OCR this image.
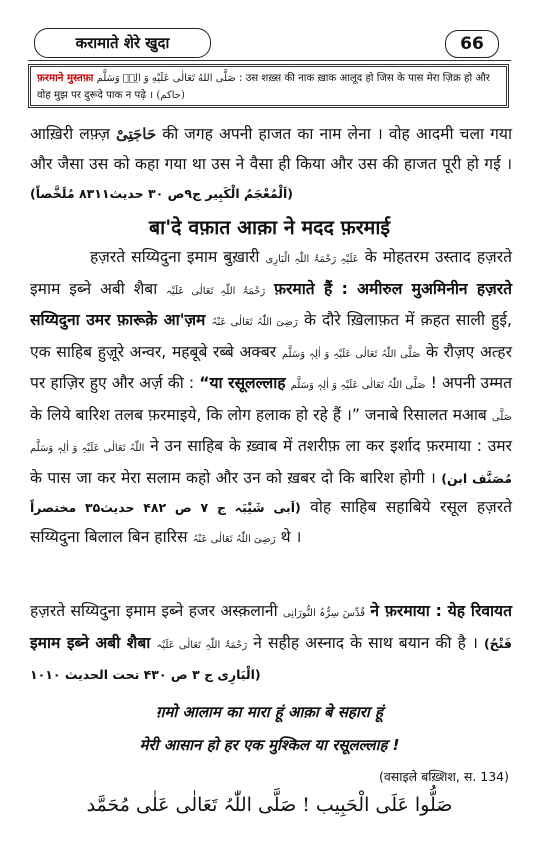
करामाते शेरे खुदा	66
फ़रमाने मुस्तफ़ा صَلَّى اللهُ تَعَالٰى عَلَيْهِ وَ الِهٖ وَسَلَّم : उस शख़्स की नाक ख़ाक आलूद हो जिस के पास मेरा ज़िक्र हो और वोह मुझ पर दुरूदे पाक न पढ़े । (حاکم)
आख़िरी लफ़्ज़ حَاجَتِیْ की जगह अपनी हाजत का नाम लेना । वोह आदमी चला गया और जैसा उस को कहा गया था उस ने वैसा ही किया और उस की हाजत पूरी हो गई । (اَلْمُعْجَمُ الْکَبِیر ج۹ص ۳۰ حدیث۸۳۱۱ مُلَخَّصاً)
बा'दे वफ़ात आक़ा ने मदद फ़रमाई
हज़रते सय्यिदुना इमाम बुख़ारी عَلَیْہِ رَحْمَۃُ اللّٰہِ الْبَارِی के मोहतरम उस्ताद हज़रते इमाम इब्ने अबी शैबा رَحْمَۃُ اللّٰہِ تَعَالٰی عَلَیْہ फ़रमाते हैं : अमीरुल मुअमिनीन हज़रते सय्यिदुना उमर फ़ारूक़े आ'ज़म رَضِیَ اللّٰہُ تَعَالٰی عَنْہُ के दौरे ख़िलाफ़त में क़हत साली हुई, एक साहिब हुज़ूरे अन्वर, महबूबे रब्बे अक्बर صَلَّی اللّٰہُ تَعَالٰی عَلَیْہِ وَ اٰلِہٖ وَسَلَّم के रौज़ए अत्हर पर हाज़िर हुए और अर्ज़ की : “या रसूलल्लाह صَلَّی اللّٰہُ تَعَالٰی عَلَیْہِ وَ اٰلِہٖ وَسَلَّم ! अपनी उम्मत के लिये बारिश तलब फ़रमाइये, कि लोग हलाक हो रहे हैं ।” जनाबे रिसालत मआब صَلَّی اللّٰہُ تَعَالٰی عَلَیْہِ وَ اٰلِہٖ وَسَلَّم ने उन साहिब के ख़्वाब में तशरीफ़ ला कर इर्शाद फ़रमाया : उमर के पास जा कर मेरा सलाम कहो और उन को ख़बर दो कि बारिश होगी । (مُصَنَّف ابن اَبی شَیْبَہ ج ۷ ص ۴۸۲ حدیث۳۵ مختصراً) वोह साहिब सहाबिये रसूल हज़रते सय्यिदुना बिलाल बिन हारिस رَضِیَ اللّٰہُ تَعَالٰی عَنْہُ थे ।
हज़रते सय्यिदुना इमाम इब्ने हजर अस्क़लानी قُدِّسَ سِرُّہُ النُّورَانِی ने फ़रमाया : येह रिवायत इमाम इब्ने अबी शैबा رَحْمَۃُ اللّٰہِ تَعَالٰی عَلَیْہ ने सहीह अस्नाद के साथ बयान की है । (فَتْحُ الْبَارِی ج ۳ ص ۴۳۰ تحت الحدیث ۱۰۱۰)
ग़मो आलाम का मारा हूं आक़ा बे सहारा हूं
मेरी आसान हो हर एक मुश्किल या रसूलल्लाह !
(वसाइले बख़्शिश, स. 134)
صَلُّوا عَلَی الْحَبِیب ! صَلَّی اللّٰہُ تَعَالٰی عَلٰی مُحَمَّد
